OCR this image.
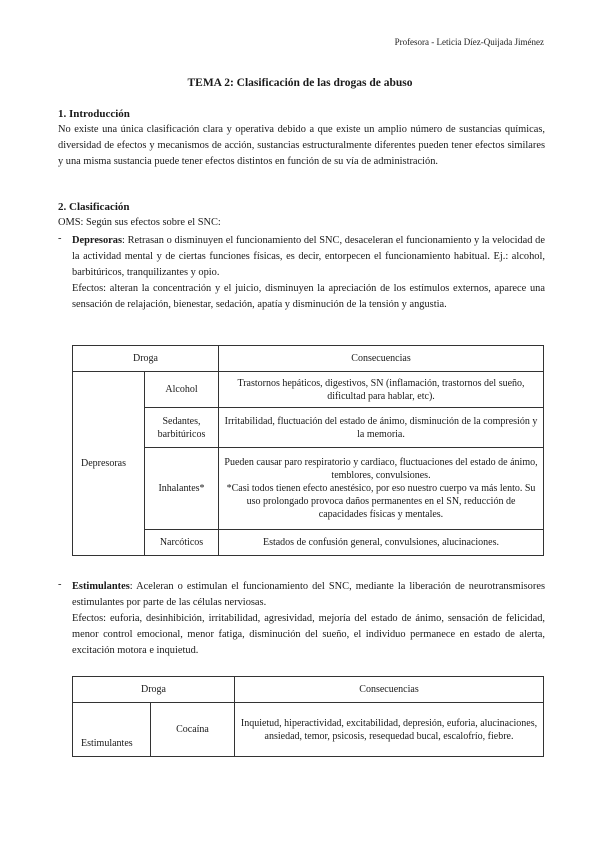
Profesora - Leticia Díez-Quijada Jiménez
TEMA 2: Clasificación de las drogas de abuso
1. Introducción
No existe una única clasificación clara y operativa debido a que existe un amplio número de sustancias químicas, diversidad de efectos y mecanismos de acción, sustancias estructuralmente diferentes pueden tener efectos similares y una misma sustancia puede tener efectos distintos en función de su vía de administración.
2. Clasificación
OMS: Según sus efectos sobre el SNC:
- Depresoras: Retrasan o disminuyen el funcionamiento del SNC, desaceleran el funcionamiento y la velocidad de la actividad mental y de ciertas funciones físicas, es decir, entorpecen el funcionamiento habitual. Ej.: alcohol, barbitúricos, tranquilizantes y opio.
Efectos: alteran la concentración y el juicio, disminuyen la apreciación de los estímulos externos, aparece una sensación de relajación, bienestar, sedación, apatía y disminución de la tensión y angustia.
Droga		Consecuencias
Depresoras	Alcohol	Trastornos hepáticos, digestivos, SN (inflamación, trastornos del sueño, dificultad para hablar, etc).
	Sedantes, barbitúricos	Irritabilidad, fluctuación del estado de ánimo, disminución de la compresión y la memoria.
	Inhalantes*	Pueden causar paro respiratorio y cardiaco, fluctuaciones del estado de ánimo, temblores, convulsiones.
*Casi todos tienen efecto anestésico, por eso nuestro cuerpo va más lento. Su uso prolongado provoca daños permanentes en el SN, reducción de capacidades físicas y mentales.

	Narcóticos	Estados de confusión general, convulsiones, alucinaciones.
- Estimulantes: Aceleran o estimulan el funcionamiento del SNC, mediante la liberación de neurotransmisores estimulantes por parte de las células nerviosas.
Efectos: euforia, desinhibición, irritabilidad, agresividad, mejoría del estado de ánimo, sensación de felicidad, menor control emocional, menor fatiga, disminución del sueño, el individuo permanece en estado de alerta, excitación motora e inquietud.
Droga		Consecuencias
Estimulantes	Cocaína	Inquietud, hiperactividad, excitabilidad, depresión, euforia, alucinaciones, ansiedad, temor, psicosis, resequedad bucal, escalofrío, fiebre.
